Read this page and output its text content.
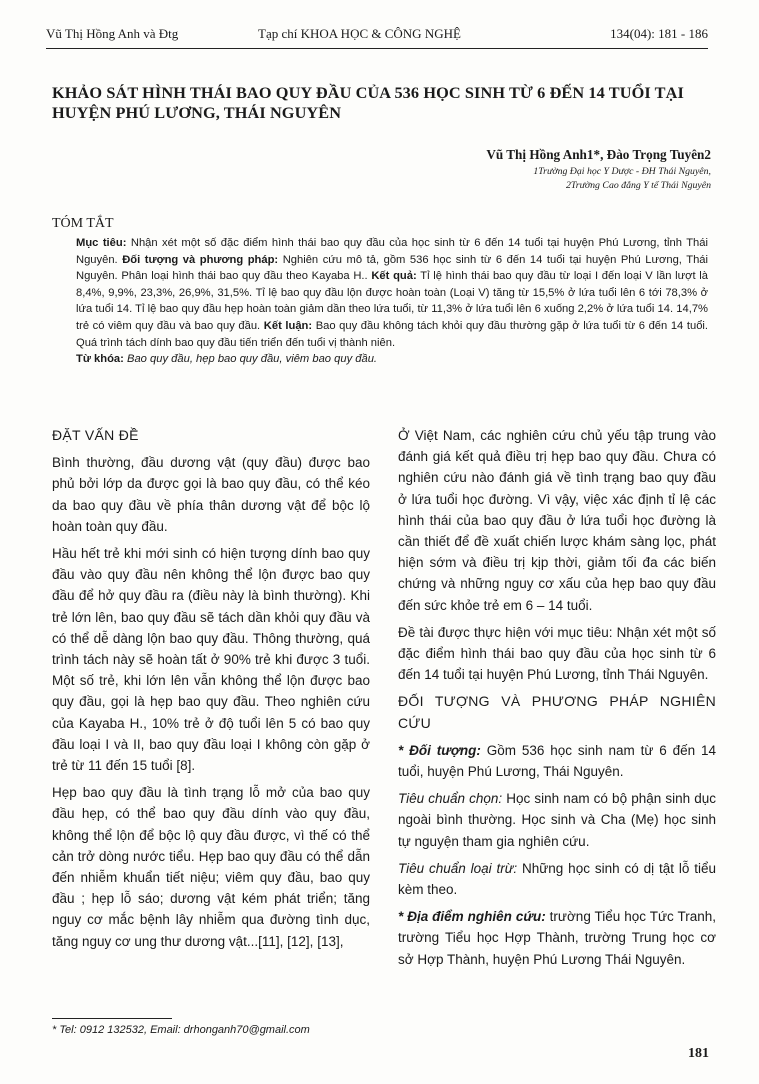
Vũ Thị Hồng Anh và Đtg	Tạp chí KHOA HỌC & CÔNG NGHỆ	134(04): 181 - 186
KHẢO SÁT HÌNH THÁI BAO QUY ĐẦU CỦA 536 HỌC SINH TỪ 6 ĐẾN 14 TUỔI TẠI HUYỆN PHÚ LƯƠNG, THÁI NGUYÊN
Vũ Thị Hồng Anh1*, Đào Trọng Tuyên2
1Trường Đại học Y Dược - ĐH Thái Nguyên,
2Trường Cao đẳng Y tế Thái Nguyên
TÓM TẮT

Mục tiêu: Nhận xét một số đặc điểm hình thái bao quy đầu của học sinh từ 6 đến 14 tuổi tại huyện Phú Lương, tỉnh Thái Nguyên. Đối tượng và phương pháp: Nghiên cứu mô tả, gồm 536 học sinh từ 6 đến 14 tuổi tại huyện Phú Lương, Thái Nguyên. Phân loại hình thái bao quy đầu theo Kayaba H.. Kết quả: Tỉ lệ hình thái bao quy đầu từ loại I đến loại V lần lượt là 8,4%, 9,9%, 23,3%, 26,9%, 31,5%. Tỉ lệ bao quy đầu lộn được hoàn toàn (Loại V) tăng từ 15,5% ở lứa tuổi lên 6 tới 78,3% ở lứa tuổi 14. Tỉ lệ bao quy đầu hẹp hoàn toàn giảm dần theo lứa tuổi, từ 11,3% ở lứa tuổi lên 6 xuống 2,2% ở lứa tuổi 14. 14,7% trẻ có viêm quy đầu và bao quy đầu. Kết luận: Bao quy đầu không tách khỏi quy đầu thường gặp ở lứa tuổi từ 6 đến 14 tuổi. Quá trình tách dính bao quy đầu tiến triển đến tuổi vị thành niên.

Từ khóa: Bao quy đầu, hẹp bao quy đầu, viêm bao quy đầu.

ĐẶT VẤN ĐỀ

Bình thường, đầu dương vật (quy đầu) được bao phủ bởi lớp da được gọi là bao quy đầu, có thể kéo da bao quy đầu về phía thân dương vật để bộc lộ hoàn toàn quy đầu.

Hầu hết trẻ khi mới sinh có hiện tượng dính bao quy đầu vào quy đầu nên không thể lộn được bao quy đầu để hở quy đầu ra (điều này là bình thường). Khi trẻ lớn lên, bao quy đầu sẽ tách dần khỏi quy đầu và có thể dễ dàng lộn bao quy đầu. Thông thường, quá trình tách này sẽ hoàn tất ở 90% trẻ khi được 3 tuổi. Một số trẻ, khi lớn lên vẫn không thể lộn được bao quy đầu, gọi là hẹp bao quy đầu. Theo nghiên cứu của Kayaba H., 10% trẻ ở độ tuổi lên 5 có bao quy đầu loại I và II, bao quy đầu loại I không còn gặp ở trẻ từ 11 đến 15 tuổi [8].

Hẹp bao quy đầu là tình trạng lỗ mở của bao quy đầu hẹp, có thể bao quy đầu dính vào quy đầu, không thể lộn để bộc lộ quy đầu được, vì thế có thể cản trở dòng nước tiểu. Hẹp bao quy đầu có thể dẫn đến nhiễm khuẩn tiết niệu; viêm quy đầu, bao quy đầu ; hẹp lỗ sáo; dương vật kém phát triển; tăng nguy cơ mắc bệnh lây nhiễm qua đường tình dục, tăng nguy cơ ung thư dương vật...[11], [12], [13],

Ở Việt Nam, các nghiên cứu chủ yếu tập trung vào đánh giá kết quả điều trị hẹp bao quy đầu. Chưa có nghiên cứu nào đánh giá về tình trạng bao quy đầu ở lứa tuổi học đường. Vì vậy, việc xác định tỉ lệ các hình thái của bao quy đầu ở lứa tuổi học đường là cần thiết để đề xuất chiến lược khám sàng lọc, phát hiện sớm và điều trị kịp thời, giảm tối đa các biến chứng và những nguy cơ xấu của hẹp bao quy đầu đến sức khỏe trẻ em 6 – 14 tuổi.

Đề tài được thực hiện với mục tiêu: Nhận xét một số đặc điểm hình thái bao quy đầu của học sinh từ 6 đến 14 tuổi tại huyện Phú Lương, tỉnh Thái Nguyên.

ĐỐI TƯỢNG VÀ PHƯƠNG PHÁP NGHIÊN CỨU

* Đối tượng: Gồm 536 học sinh nam từ 6 đến 14 tuổi, huyện Phú Lương, Thái Nguyên.

Tiêu chuẩn chọn: Học sinh nam có bộ phận sinh dục ngoài bình thường. Học sinh và Cha (Mẹ) học sinh tự nguyện tham gia nghiên cứu.

Tiêu chuẩn loại trừ: Những học sinh có dị tật lỗ tiểu kèm theo.

* Địa điểm nghiên cứu: trường Tiểu học Tức Tranh, trường Tiểu học Hợp Thành, trường Trung học cơ sở Hợp Thành, huyện Phú Lương Thái Nguyên.

* Tel: 0912 132532, Email: drhonganh70@gmail.com
181
